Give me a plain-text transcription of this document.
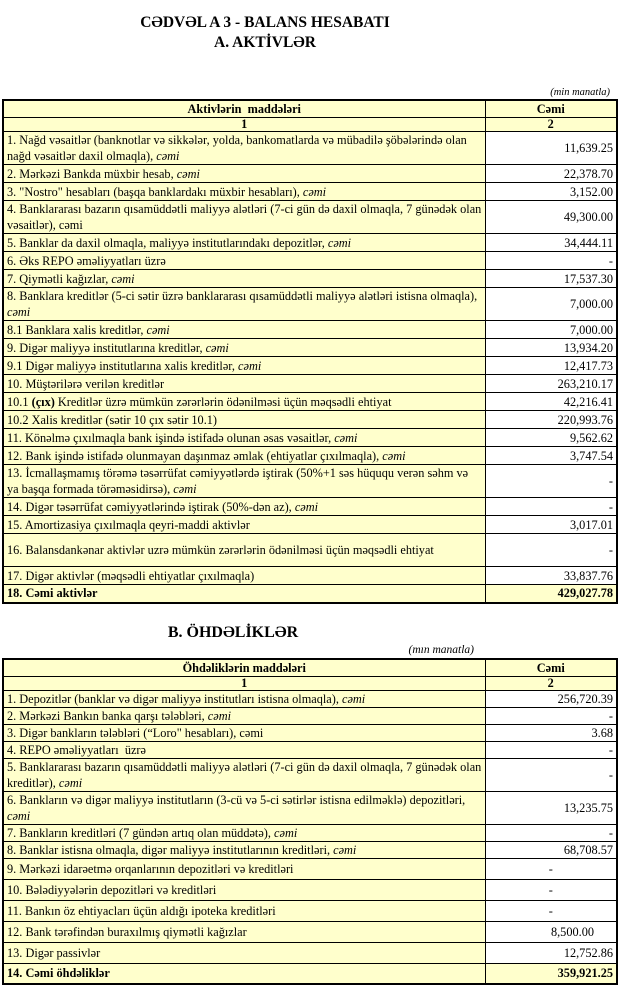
CƏDVƏL A 3 - BALANS HESABATI
A. AKTİVLƏR
(min manatla)
Aktivlərin  maddələri	Cəmi
1	2
1. Nağd vəsaitlər (banknotlar və sikkələr, yolda, bankomatlarda və mübadilə şöbələrində olan nağd vəsaitlər daxil olmaqla), cəmi	11,639.25
2. Mərkəzi Bankda müxbir hesab, cəmi	22,378.70
3. "Nostro" hesabları (başqa banklardakı müxbir hesabları), cəmi	3,152.00
4. Banklararası bazarın qısamüddətli maliyyə alətləri (7-ci gün də daxil olmaqla, 7 günədək olan vəsaitlər), cəmi	49,300.00
5. Banklar da daxil olmaqla, maliyyə institutlarındakı depozitlər, cəmi	34,444.11
6. Əks REPO əməliyyatları üzrə	-
7. Qiymətli kağızlar, cəmi	17,537.30
8. Banklara kreditlər (5-ci sətir üzrə banklararası qısamüddətli maliyyə alətləri istisna olmaqla), cəmi	7,000.00
8.1 Banklara xalis kreditlər, cəmi	7,000.00
9. Digər maliyyə institutlarına kreditlər, cəmi	13,934.20
9.1 Digər maliyyə institutlarına xalis kreditlər, cəmi	12,417.73
10. Müştərilərə verilən kreditlər	263,210.17
10.1 (çıx) Kreditlər üzrə mümkün zərərlərin ödənilməsi üçün məqsədli ehtiyat	42,216.41
10.2 Xalis kreditlər (sətir 10 çıx sətir 10.1)	220,993.76
11. Könəlmə çıxılmaqla bank işində istifadə olunan əsas vəsaitlər, cəmi	9,562.62
12. Bank işində istifadə olunmayan daşınmaz əmlak (ehtiyatlar çıxılmaqla), cəmi	3,747.54
13. İcmallaşmamış törəmə təsərrüfat cəmiyyətlərdə iştirak (50%+1 səs hüququ verən səhm və ya başqa formada törəməsidirsə), cəmi	-
14. Digər təsərrüfat cəmiyyətlərində iştirak (50%-dən az), cəmi	-
15. Amortizasiya çıxılmaqla qeyri-maddi aktivlər	3,017.01
16. Balansdankənar aktivlər uzrə mümkün zərərlərin ödənilməsi üçün məqsədli ehtiyat	-
17. Digər aktivlər (məqsədli ehtiyatlar çıxılmaqla)	33,837.76
18. Cəmi aktivlər	429,027.78
B. ÖHDƏLİKLƏR
(mın manatla)
Öhdəliklərin maddələri	Cəmi
1	2
1. Depozitlər (banklar və digər maliyyə institutları istisna olmaqla), cəmi	256,720.39
2. Mərkəzi Bankın banka qarşı tələbləri, cəmi	-
3. Digər bankların tələbləri (“Loro" hesabları), cəmi	3.68
4. REPO əməliyyatları  üzrə	-
5. Banklararası bazarın qısamüddətli maliyyə alətləri (7-ci gün də daxil olmaqla, 7 günədək olan kreditlər), cəmi	-
6. Bankların və digər maliyyə institutların (3-cü və 5-ci sətirlər istisna edilməklə) depozitləri, cəmi	13,235.75
7. Bankların kreditləri (7 gündən artıq olan müddətə), cəmi	-
8. Banklar istisna olmaqla, digər maliyyə institutlarının kreditləri, cəmi	68,708.57
9. Mərkəzi idarəetmə orqanlarının depozitləri və kreditləri	-
10. Bələdiyyələrin depozitləri və kreditləri	-
11. Bankın öz ehtiyacları üçün aldığı ipoteka kreditləri	-
12. Bank tərəfindən buraxılmış qiymətli kağızlar	8,500.00
13. Digər passivlər	12,752.86
14. Cəmi öhdəliklər	359,921.25
